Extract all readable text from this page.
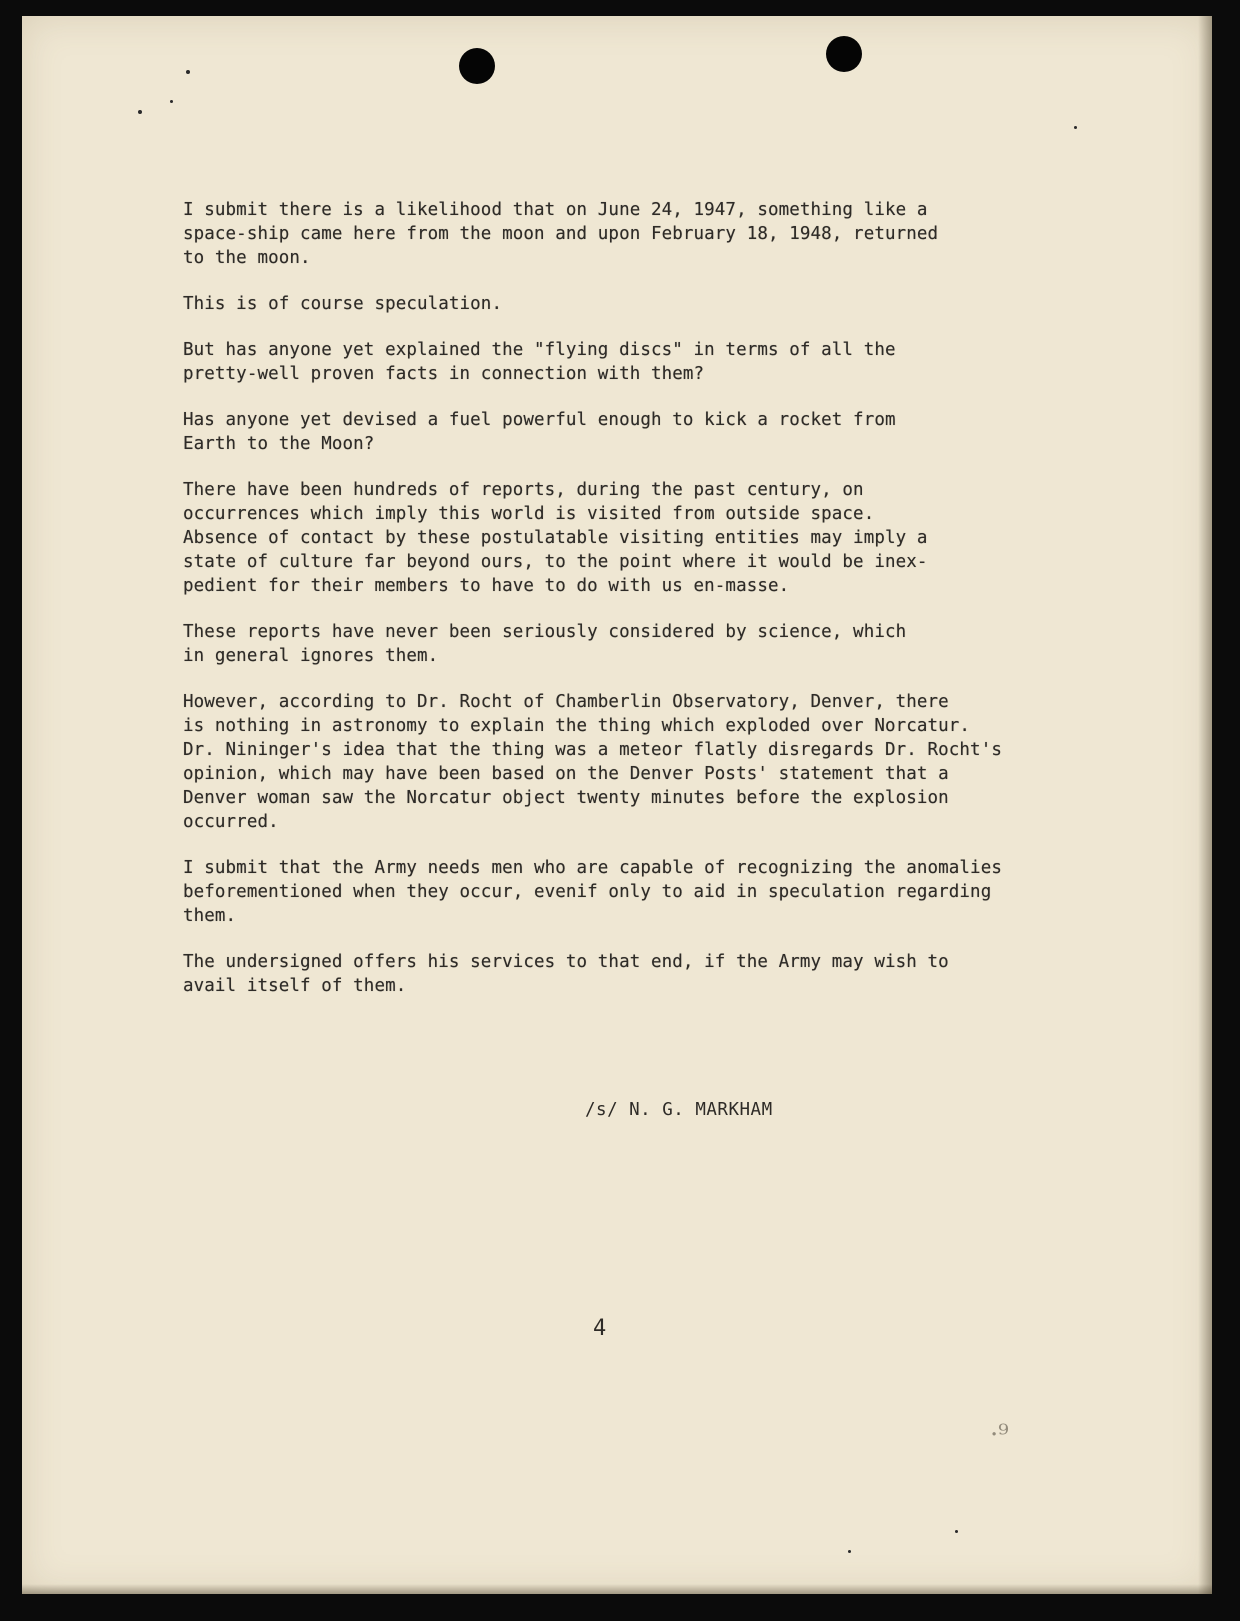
I submit there is a likelihood that on June 24, 1947, something like a
space-ship came here from the moon and upon February 18, 1948, returned
to the moon.

This is of course speculation.

But has anyone yet explained the "flying discs" in terms of all the
pretty-well proven facts in connection with them?

Has anyone yet devised a fuel powerful enough to kick a rocket from
Earth to the Moon?

There have been hundreds of reports, during the past century, on
occurrences which imply this world is visited from outside space.
Absence of contact by these postulatable visiting entities may imply a
state of culture far beyond ours, to the point where it would be inex-
pedient for their members to have to do with us en-masse.

These reports have never been seriously considered by science, which
in general ignores them.

However, according to Dr. Rocht of Chamberlin Observatory, Denver, there
is nothing in astronomy to explain the thing which exploded over Norcatur.
Dr. Nininger's idea that the thing was a meteor flatly disregards Dr. Rocht's
opinion, which may have been based on the Denver Posts' statement that a
Denver woman saw the Norcatur object twenty minutes before the explosion
occurred.

I submit that the Army needs men who are capable of recognizing the anomalies
beforementioned when they occur, evenif only to aid in speculation regarding
them.

The undersigned offers his services to that end, if the Army may wish to
avail itself of them.

/s/ N. G. MARKHAM
4
·⁹
